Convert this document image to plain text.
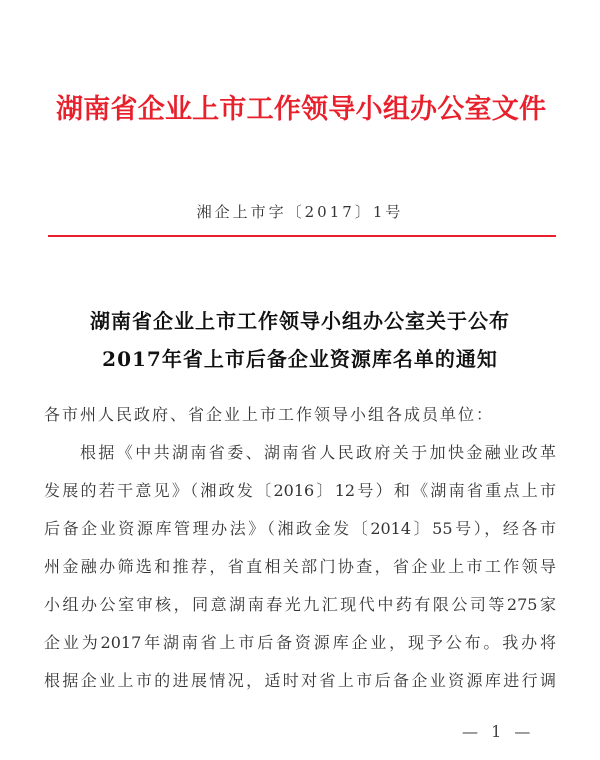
湖南省企业上市工作领导小组办公室文件
湘企上市字〔2017〕1号
湖南省企业上市工作领导小组办公室关于公布
2017年省上市后备企业资源库名单的通知
各市州人民政府、省企业上市工作领导小组各成员单位：
根据《中共湖南省委、湖南省人民政府关于加快金融业改革
发展的若干意见》（湘政发〔2016〕12号）和《湖南省重点上市
后备企业资源库管理办法》（湘政金发〔2014〕55号），经各市
州金融办筛选和推荐，省直相关部门协查，省企业上市工作领导
小组办公室审核，同意湖南春光九汇现代中药有限公司等275家
企业为2017年湖南省上市后备资源库企业，现予公布。我办将
根据企业上市的进展情况，适时对省上市后备企业资源库进行调
— 1 —
